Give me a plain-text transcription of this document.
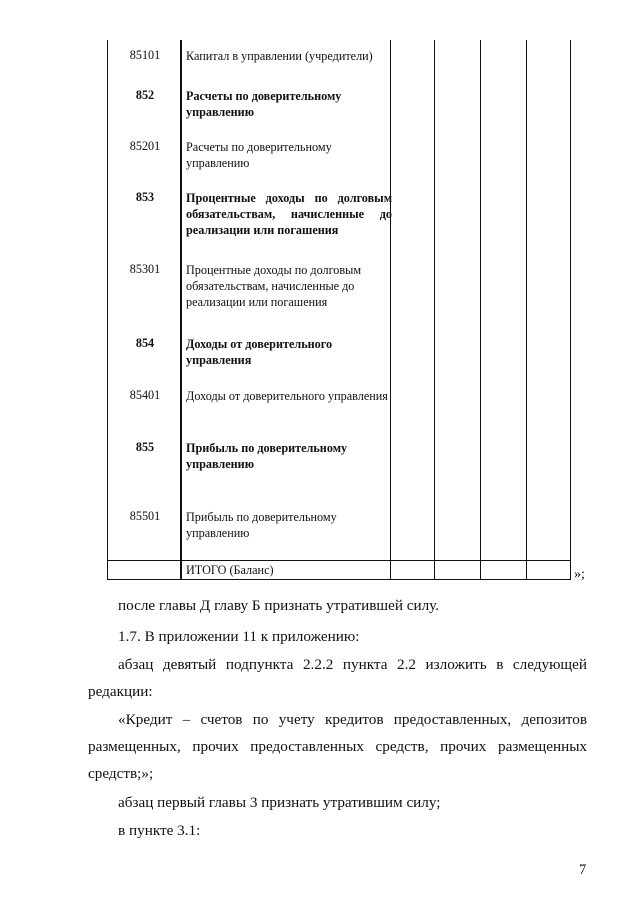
85101	Капитал в управлении (учредители)
852	Расчеты по доверительному управлению
85201	Расчеты по доверительному управлению
853	Процентные доходы по долговым обязательствам, начисленные до реализации или погашения
85301	Процентные доходы по долговым обязательствам, начисленные до реализации или погашения
854	Доходы от доверительного управления
85401	Доходы от доверительного управления
855	Прибыль по доверительному управлению
85501	Прибыль по доверительному управлению
ИТОГО (Баланс)	»;
после главы Д главу Б признать утратившей силу.
1.7. В приложении 11 к приложению:
абзац девятый подпункта 2.2.2 пункта 2.2 изложить в следующей
редакции:
«Кредит – счетов по учету кредитов предоставленных, депозитов
размещенных, прочих предоставленных средств, прочих размещенных
средств;»;
абзац первый главы 3 признать утратившим силу;
в пункте 3.1:
7
